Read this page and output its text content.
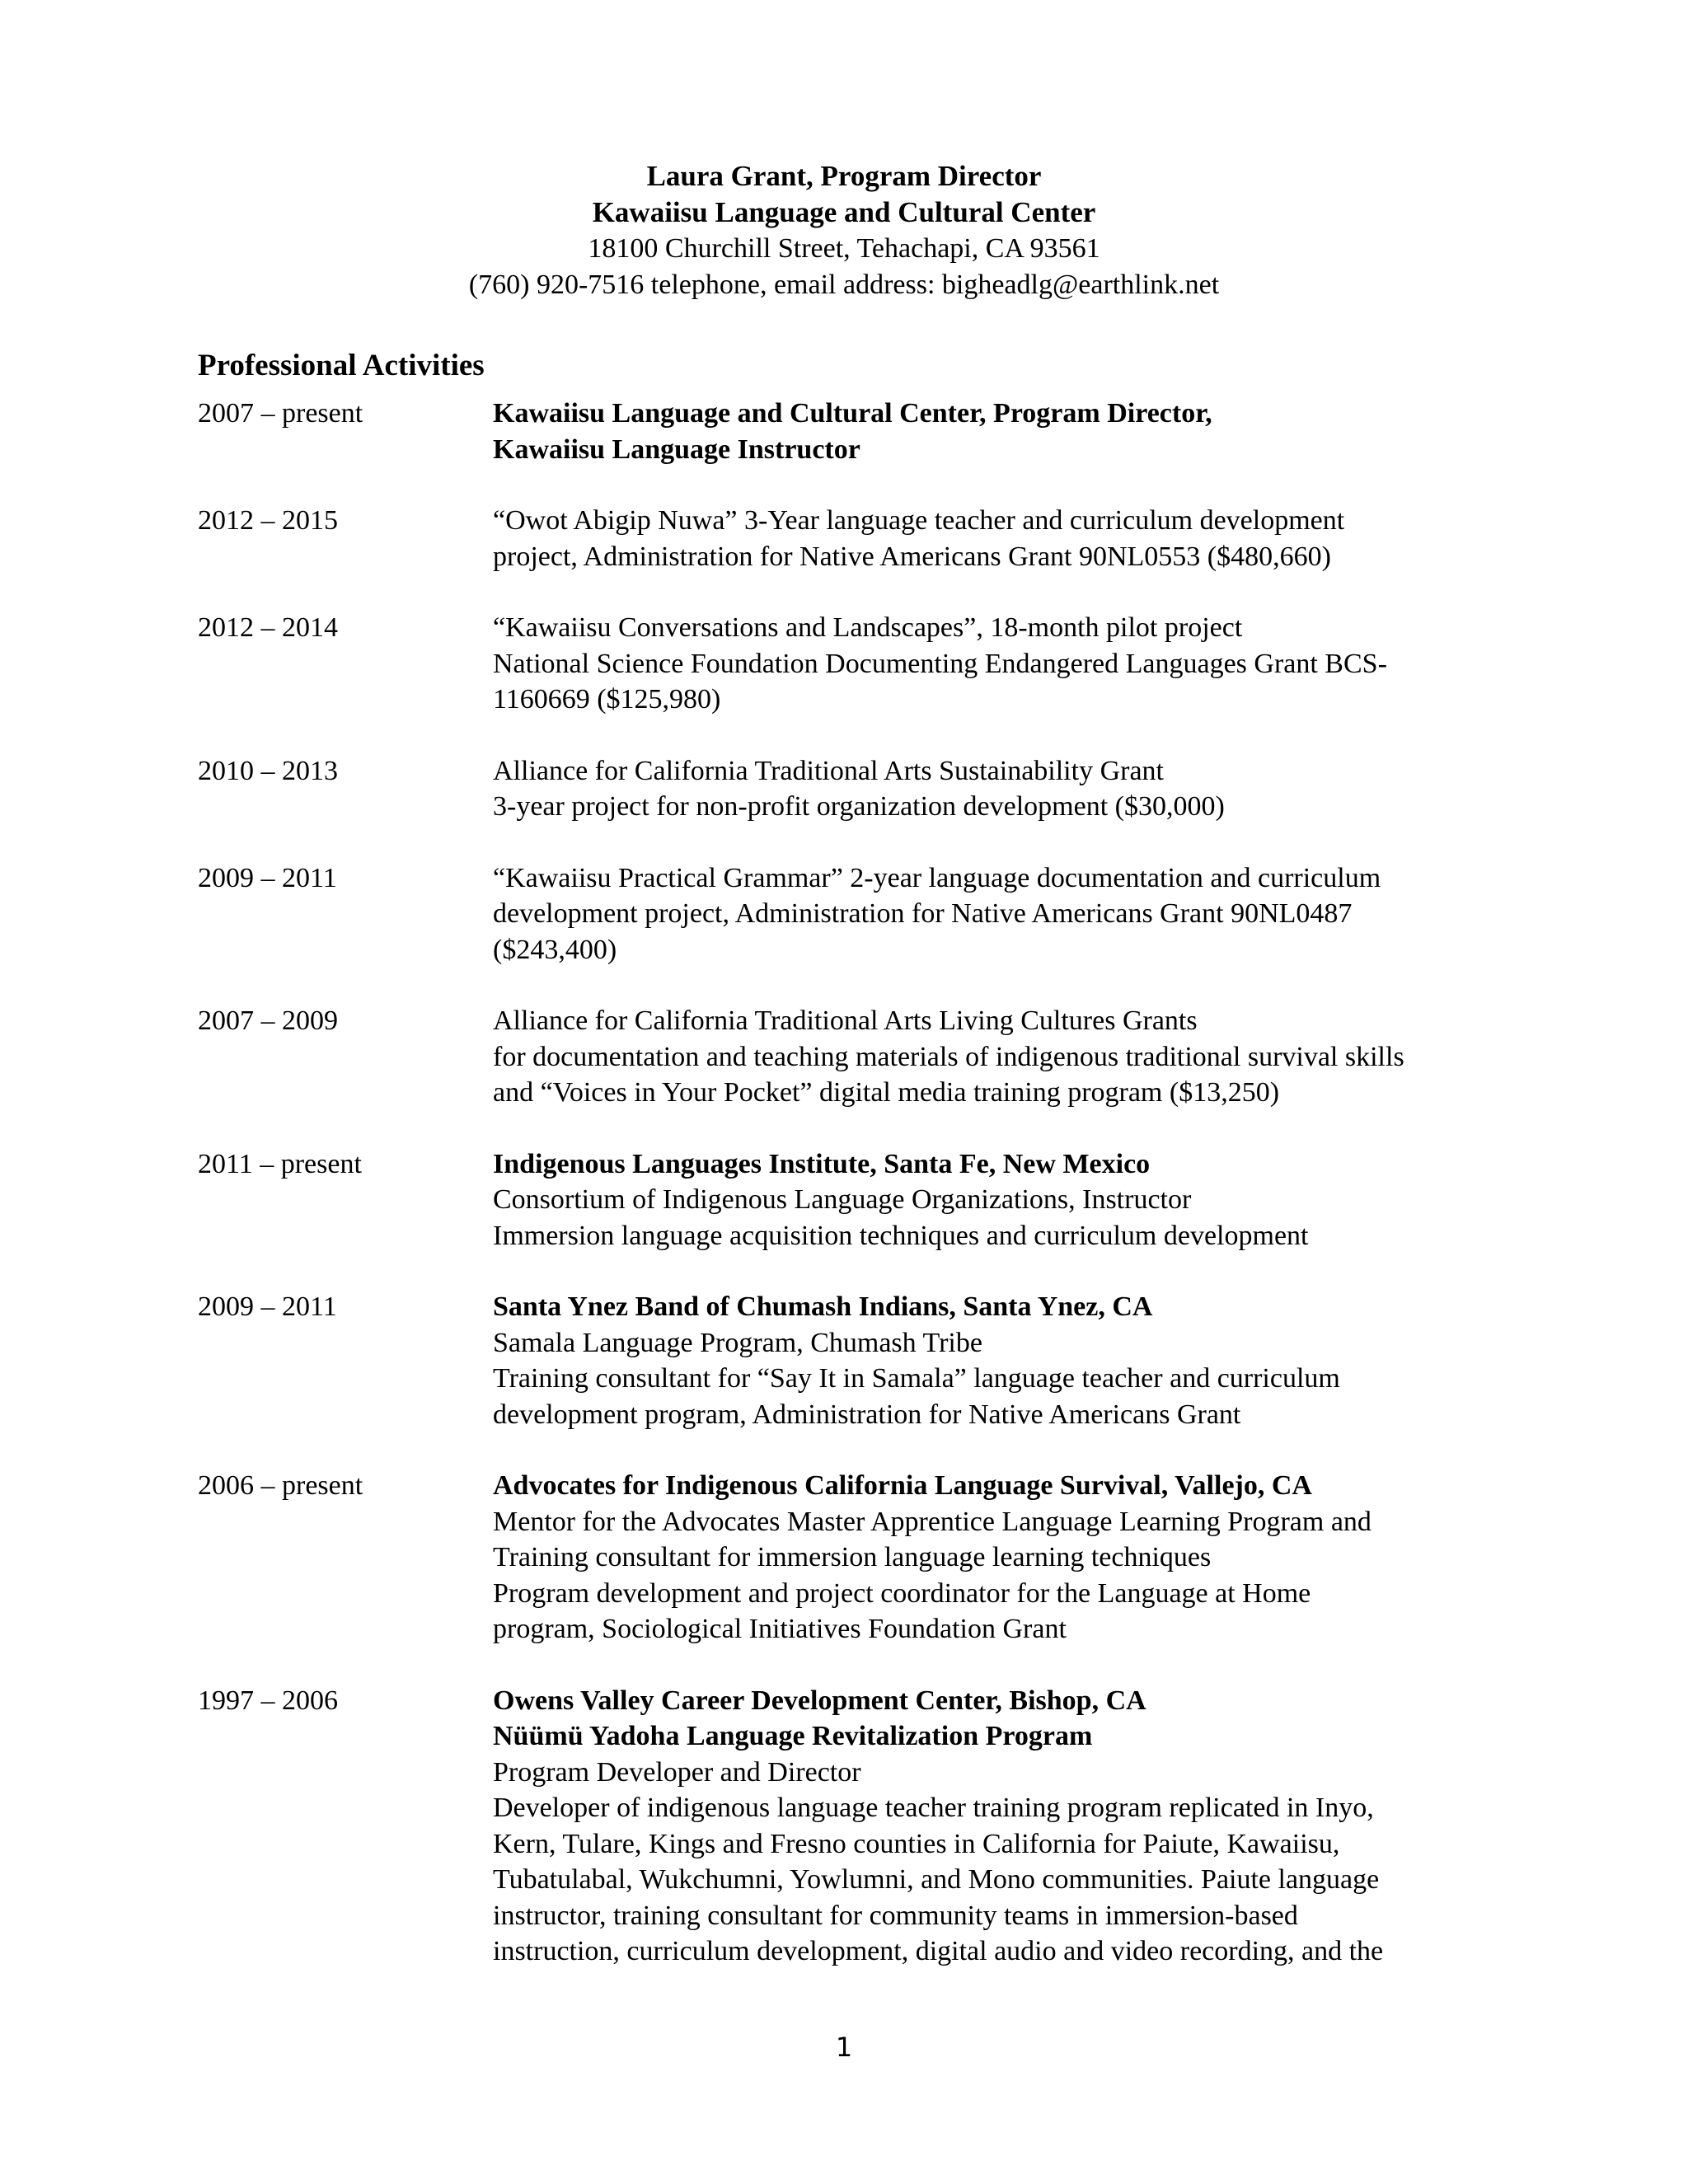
Laura Grant, Program Director
Kawaiisu Language and Cultural Center
18100 Churchill Street, Tehachapi, CA 93561
(760) 920-7516 telephone, email address: bigheadlg@earthlink.net
Professional Activities
2007 – present	Kawaiisu Language and Cultural Center, Program Director,
Kawaiisu Language Instructor
2012 – 2015	“Owot Abigip Nuwa” 3-Year language teacher and curriculum development
project, Administration for Native Americans Grant 90NL0553 ($480,660)
2012 – 2014	“Kawaiisu Conversations and Landscapes”, 18-month pilot project
National Science Foundation Documenting Endangered Languages Grant BCS-
1160669 ($125,980)
2010 – 2013	Alliance for California Traditional Arts Sustainability Grant
3-year project for non-profit organization development ($30,000)
2009 – 2011	“Kawaiisu Practical Grammar” 2-year language documentation and curriculum
development project, Administration for Native Americans Grant 90NL0487
($243,400)
2007 – 2009	Alliance for California Traditional Arts Living Cultures Grants
for documentation and teaching materials of indigenous traditional survival skills
and “Voices in Your Pocket” digital media training program ($13,250)
2011 – present	Indigenous Languages Institute, Santa Fe, New Mexico
Consortium of Indigenous Language Organizations, Instructor
Immersion language acquisition techniques and curriculum development
2009 – 2011	Santa Ynez Band of Chumash Indians, Santa Ynez, CA
Samala Language Program, Chumash Tribe
Training consultant for “Say It in Samala” language teacher and curriculum
development program, Administration for Native Americans Grant
2006 – present	Advocates for Indigenous California Language Survival, Vallejo, CA
Mentor for the Advocates Master Apprentice Language Learning Program and
Training consultant for immersion language learning techniques
Program development and project coordinator for the Language at Home
program, Sociological Initiatives Foundation Grant
1997 – 2006	Owens Valley Career Development Center, Bishop, CA
Nüümü Yadoha Language Revitalization Program
Program Developer and Director
Developer of indigenous language teacher training program replicated in Inyo,
Kern, Tulare, Kings and Fresno counties in California for Paiute, Kawaiisu,
Tubatulabal, Wukchumni, Yowlumni, and Mono communities. Paiute language
instructor, training consultant for community teams in immersion-based
instruction, curriculum development, digital audio and video recording, and the
1
